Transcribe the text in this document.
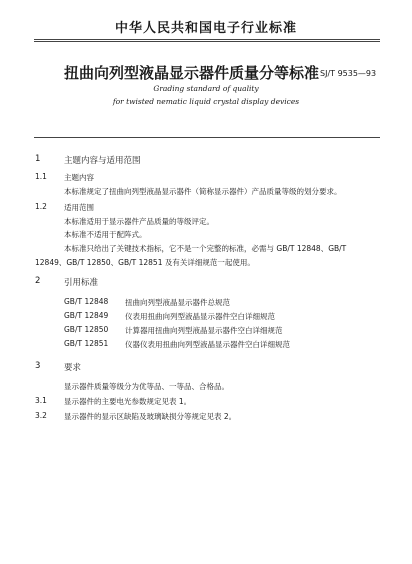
中华人民共和国电子行业标准
扭曲向列型液晶显示器件质量分等标准 SJ/T 9535—93
Grading standard of quality
for twisted nematic liquid crystal display devices
1	主题内容与适用范围
1.1 主题内容
本标准规定了扭曲向列型液晶显示器件（简称显示器件）产品质量等级的划分要求。
1.2 适用范围
本标准适用于显示器件产品质量的等级评定。
本标准不适用于配阵式。
本标准只给出了关键技术指标，它不是一个完整的标准，必需与 GB/T 12848、GB/T
12849、GB/T 12850、GB/T 12851 及有关详细规范一起使用。
2	引用标准
GB/T 12848 扭曲向列型液晶显示器件总规范
GB/T 12849 仪表用扭曲向列型液晶显示器件空白详细规范
GB/T 12850 计算器用扭曲向列型液晶显示器件空白详细规范
GB/T 12851 仪器仪表用扭曲向列型液晶显示器件空白详细规范
3	要求
显示器件质量等级分为优等品、一等品、合格品。
3.1 显示器件的主要电光参数规定见表 1。
3.2 显示器件的显示区缺陷及玻璃缺损分等规定见表 2。
